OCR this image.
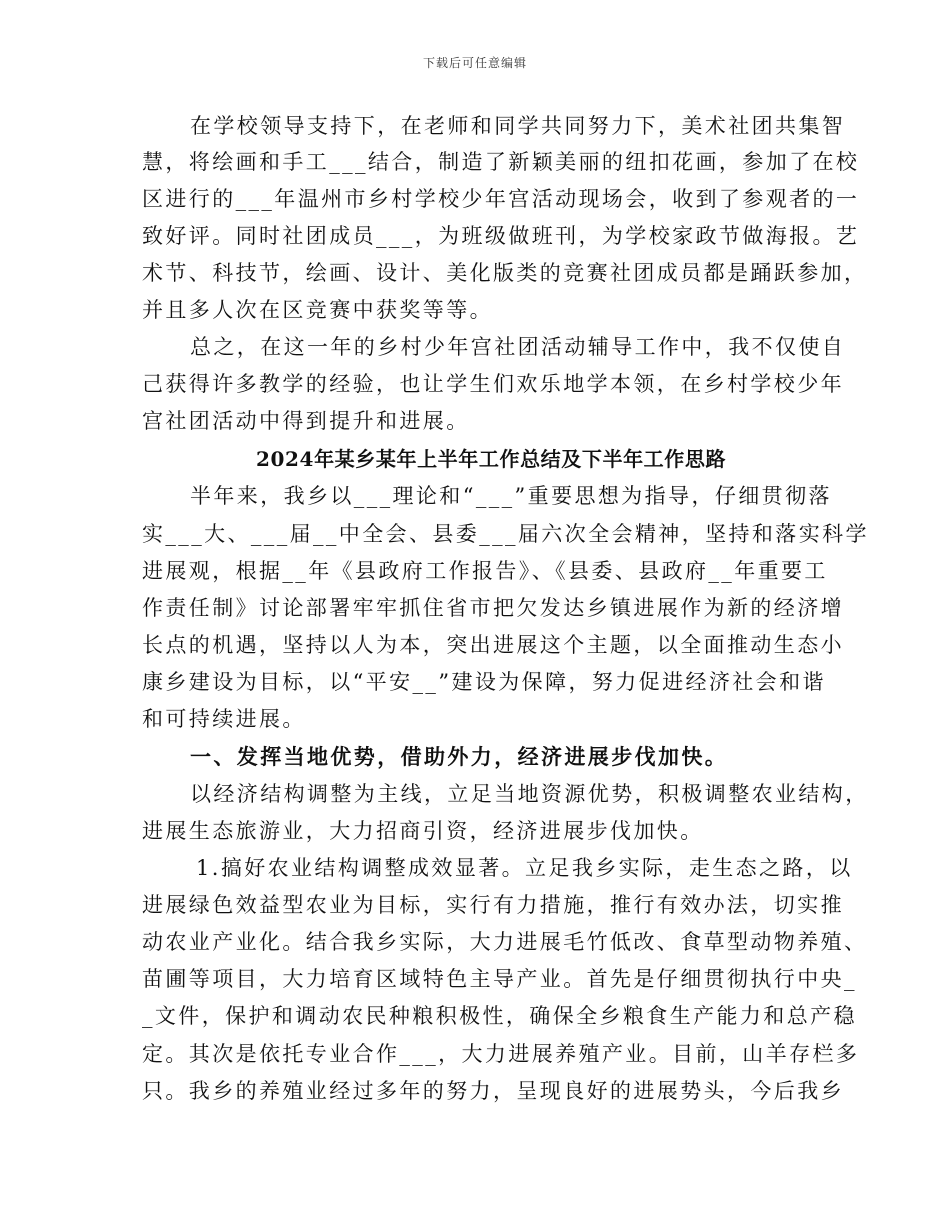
下载后可任意编辑
在学校领导支持下，在老师和同学共同努力下，美术社团共集智
慧，将绘画和手工___结合，制造了新颖美丽的纽扣花画，参加了在校
区进行的___年温州市乡村学校少年宫活动现场会，收到了参观者的一
致好评。同时社团成员___，为班级做班刊，为学校家政节做海报。艺
术节、科技节，绘画、设计、美化版类的竞赛社团成员都是踊跃参加，
并且多人次在区竞赛中获奖等等。
总之，在这一年的乡村少年宫社团活动辅导工作中，我不仅使自
己获得许多教学的经验，也让学生们欢乐地学本领，在乡村学校少年
宫社团活动中得到提升和进展。
2024年某乡某年上半年工作总结及下半年工作思路
半年来，我乡以___理论和“___”重要思想为指导，仔细贯彻落
实___大、___届__中全会、县委___届六次全会精神，坚持和落实科学
进展观，根据__年《县政府工作报告》、《县委、县政府__年重要工
作责任制》讨论部署牢牢抓住省市把欠发达乡镇进展作为新的经济增
长点的机遇，坚持以人为本，突出进展这个主题，以全面推动生态小
康乡建设为目标，以“平安__”建设为保障，努力促进经济社会和谐
和可持续进展。
一、发挥当地优势，借助外力，经济进展步伐加快。
以经济结构调整为主线，立足当地资源优势，积极调整农业结构，
进展生态旅游业，大力招商引资，经济进展步伐加快。
1.搞好农业结构调整成效显著。立足我乡实际，走生态之路，以
进展绿色效益型农业为目标，实行有力措施，推行有效办法，切实推
动农业产业化。结合我乡实际，大力进展毛竹低改、食草型动物养殖、
苗圃等项目，大力培育区域特色主导产业。首先是仔细贯彻执行中央_
_文件，保护和调动农民种粮积极性，确保全乡粮食生产能力和总产稳
定。其次是依托专业合作___，大力进展养殖产业。目前，山羊存栏多
只。我乡的养殖业经过多年的努力，呈现良好的进展势头，今后我乡
